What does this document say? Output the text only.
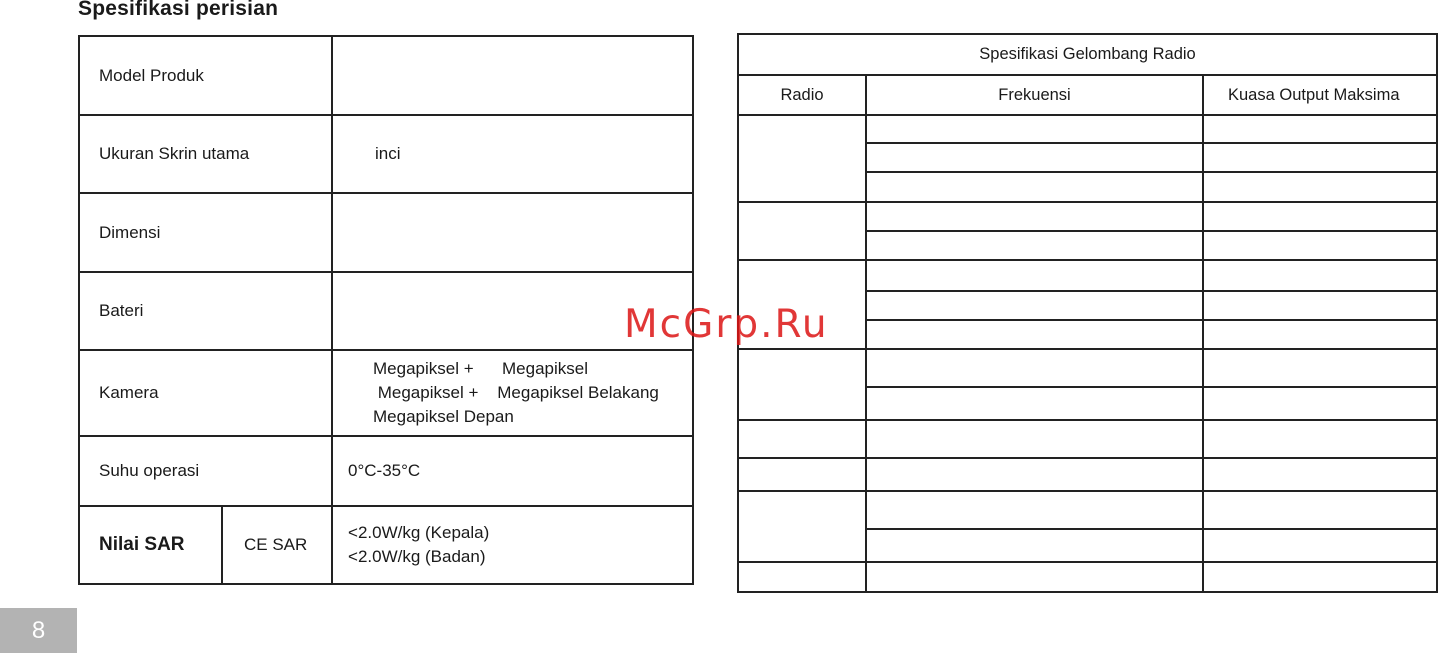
Spesifikasi perisian
Model Produk		
Ukuran Skrin utama		inci
Dimensi		
Bateri		
Kamera		Megapiksel +      Megapiksel
Megapiksel +    Megapiksel Belakang
Megapiksel Depan

Suhu operasi		0°C-35°C
Nilai SAR	CE SAR	<2.0W/kg (Kepala)
<2.0W/kg (Badan)
Spesifikasi Gelombang Radio		
Radio	Frekuensi	Kuasa Output Maksima

McGrp.Ru
8
